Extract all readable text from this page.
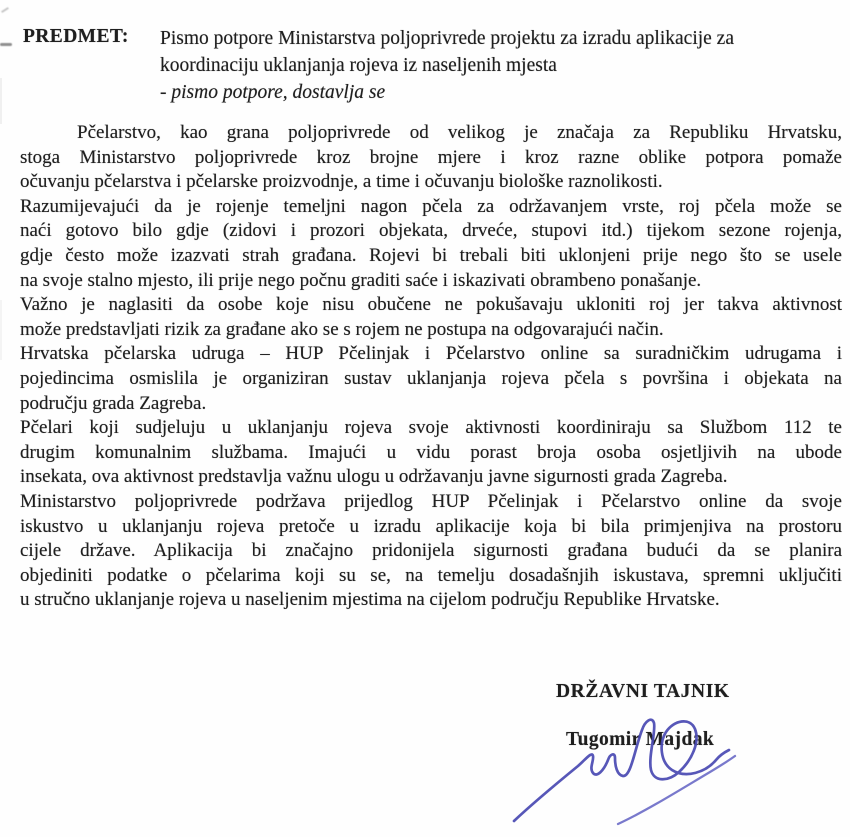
PREDMET: Pismo potpore Ministarstva poljoprivrede projektu za izradu aplikacije za
koordinaciju uklanjanja rojeva iz naseljenih mjesta
- pismo potpore, dostavlja se
Pčelarstvo, kao grana poljoprivrede od velikog je značaja za Republiku Hrvatsku,
stoga Ministarstvo poljoprivrede kroz brojne mjere i kroz razne oblike potpora pomaže
očuvanju pčelarstva i pčelarske proizvodnje, a time i očuvanju biološke raznolikosti.
Razumijevajući da je rojenje temeljni nagon pčela za održavanjem vrste, roj pčela može se
naći gotovo bilo gdje (zidovi i prozori objekata, drveće, stupovi itd.) tijekom sezone rojenja,
gdje često može izazvati strah građana. Rojevi bi trebali biti uklonjeni prije nego što se usele
na svoje stalno mjesto, ili prije nego počnu graditi saće i iskazivati obrambeno ponašanje.
Važno je naglasiti da osobe koje nisu obučene ne pokušavaju ukloniti roj jer takva aktivnost
može predstavljati rizik za građane ako se s rojem ne postupa na odgovarajući način.
Hrvatska pčelarska udruga – HUP Pčelinjak i Pčelarstvo online sa suradničkim udrugama i
pojedincima osmislila je organiziran sustav uklanjanja rojeva pčela s površina i objekata na
području grada Zagreba.
Pčelari koji sudjeluju u uklanjanju rojeva svoje aktivnosti koordiniraju sa Službom 112 te
drugim komunalnim službama. Imajući u vidu porast broja osoba osjetljivih na ubode
insekata, ova aktivnost predstavlja važnu ulogu u održavanju javne sigurnosti grada Zagreba.
Ministarstvo poljoprivrede podržava prijedlog HUP Pčelinjak i Pčelarstvo online da svoje
iskustvo u uklanjanju rojeva pretoče u izradu aplikacije koja bi bila primjenjiva na prostoru
cijele države. Aplikacija bi značajno pridonijela sigurnosti građana budući da se planira
objediniti podatke o pčelarima koji su se, na temelju dosadašnjih iskustava, spremni uključiti
u stručno uklanjanje rojeva u naseljenim mjestima na cijelom području Republike Hrvatske.
DRŽAVNI TAJNIK
Tugomir Majdak
